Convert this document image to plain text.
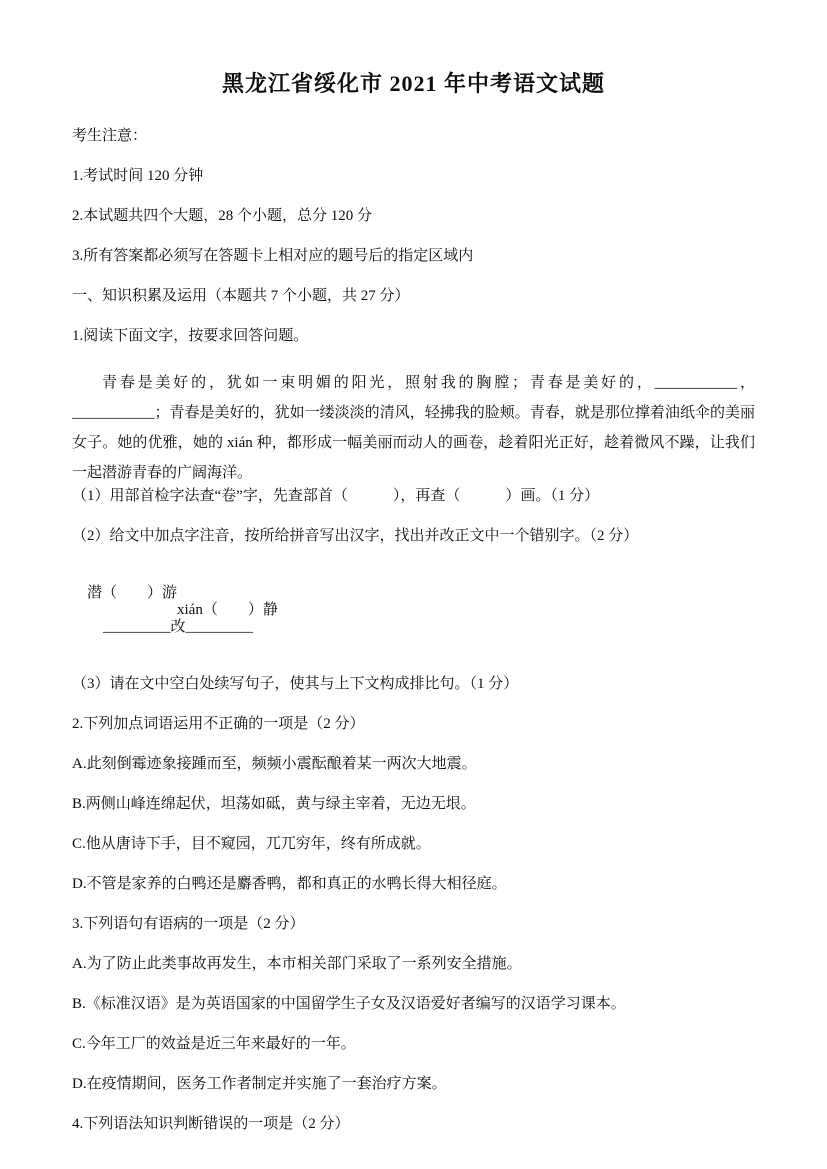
黑龙江省绥化市 2021 年中考语文试题

考生注意：

1.考试时间 120 分钟

2.本试题共四个大题，28 个小题，总分 120 分

3.所有答案都必须写在答题卡上相对应的题号后的指定区域内

一、知识积累及运用（本题共 7 个小题，共 27 分）

1.阅读下面文字，按要求回答问题。

青春是美好的，犹如一束明媚的阳光，照射我的胸膛；青春是美好的，___________，___________；青春是美好的，犹如一缕淡淡的清风，轻拂我的脸颊。青春，就是那位撑着油纸伞的美丽女子。她的优雅，她的 xián 种，都形成一幅美丽而动人的画卷，趁着阳光正好，趁着微风不躁，让我们一起潜游青春的广阔海洋。

（1）用部首检字法查“卷”字，先查部首（　　　），再查（　　　）画。（1 分）

（2）给文中加点字注音，按所给拼音写出汉字，找出并改正文中一个错别字。（2 分）

潜（　　）游
xián（　　）静
_________改_________

（3）请在文中空白处续写句子，使其与上下文构成排比句。（1 分）

2.下列加点词语运用不正确的一项是（2 分）

A.此刻倒霉迹象接踵而至，频频小震酝酿着某一两次大地震。

B.两侧山峰连绵起伏，坦荡如砥，黄与绿主宰着，无边无垠。

C.他从唐诗下手，目不窥园，兀兀穷年，终有所成就。

D.不管是家养的白鸭还是麝香鸭，都和真正的水鸭长得大相径庭。

3.下列语句有语病的一项是（2 分）

A.为了防止此类事故再发生，本市相关部门采取了一系列安全措施。

B.《标准汉语》是为英语国家的中国留学生子女及汉语爱好者编写的汉语学习课本。

C.今年工厂的效益是近三年来最好的一年。

D.在疫情期间，医务工作者制定并实施了一套治疗方案。

4.下列语法知识判断错误的一项是（2 分）
